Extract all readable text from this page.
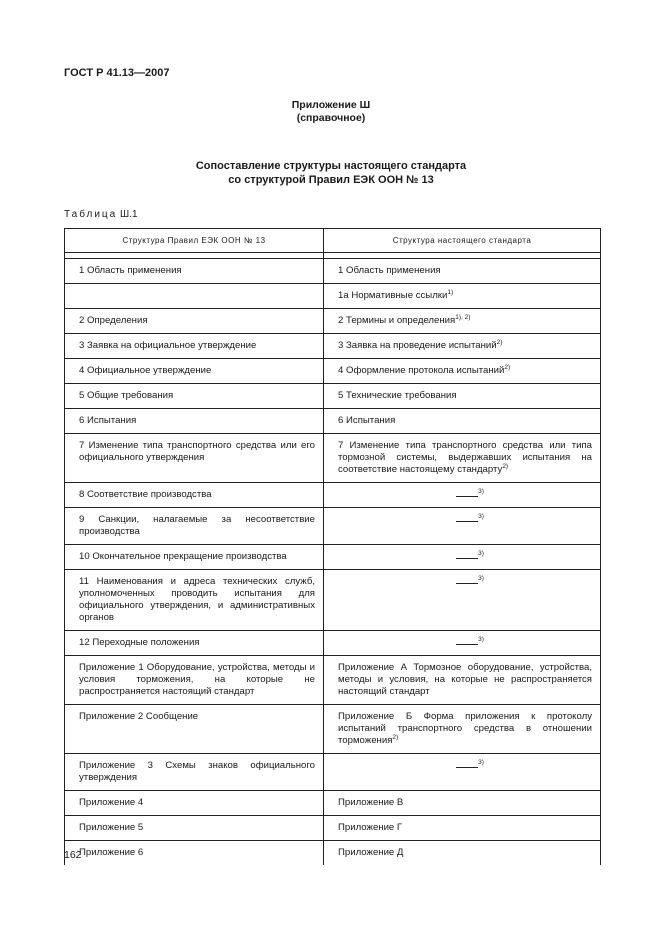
ГОСТ Р 41.13—2007
Приложение Ш
(справочное)
Сопоставление структуры настоящего стандарта
со структурой Правил ЕЭК ООН № 13
Таблица Ш.1
Структура Правил ЕЭК ООН № 13	Структура настоящего стандарта

1 Область применения	1 Область применения
	1а Нормативные ссылки$^{1)}$
2 Определения	2 Термины и определения$^{1), 2)}$
3 Заявка на официальное утверждение	3 Заявка на проведение испытаний$^{2)}$
4 Официальное утверждение	4 Оформление протокола испытаний$^{2)}$
5 Общие требования	5 Технические требования
6 Испытания	6 Испытания
7 Изменение типа транспортного средства или его официального утверждения	7 Изменение типа транспортного средства или типа тормозной системы, выдержавших испытания на соответствие настоящему стандарту$^{2)}$
8 Соответствие производства	$^{3)}$

9 Санкции, налагаемые за несоответствие производства	$^{3)}$

10 Окончательное прекращение производства	$^{3)}$

11 Наименования и адреса технических служб, уполномоченных проводить испытания для официального утверждения, и административных органов	$^{3)}$

12 Переходные положения	$^{3)}$

Приложение 1 Оборудование, устройства, методы и условия торможения, на которые не распространяется настоящий стандарт	Приложение А Тормозное оборудование, устройства, методы и условия, на которые не распространяется настоящий стандарт
Приложение 2 Сообщение	Приложение Б Форма приложения к протоколу испытаний транспортного средства в отношении торможения$^{2)}$
Приложение 3 Схемы знаков официального утверждения	$^{3)}$

Приложение 4	Приложение В
Приложение 5	Приложение Г
Приложение 6	Приложение Д
162
